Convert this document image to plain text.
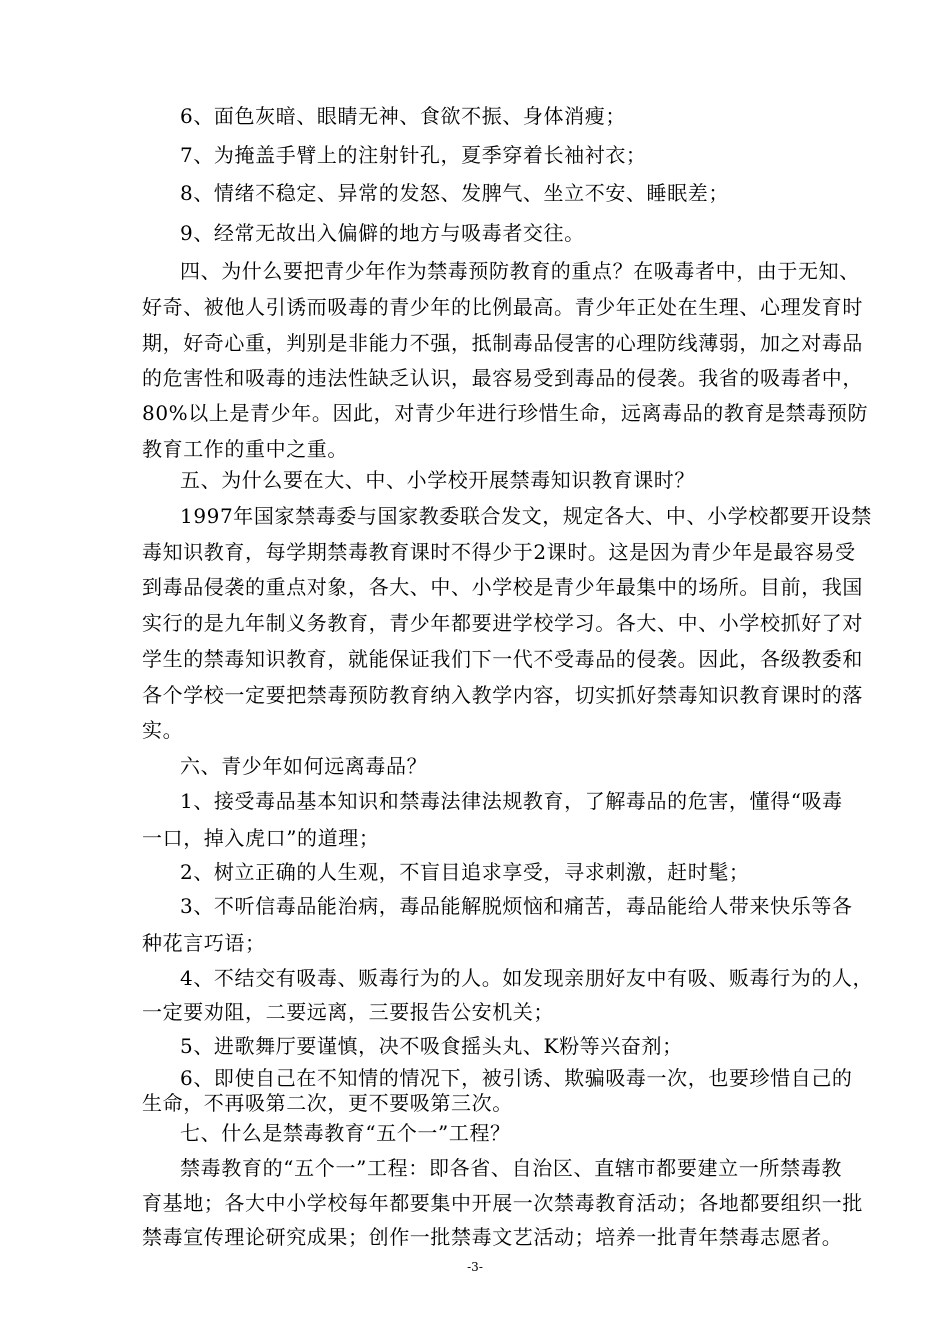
6、面色灰暗、眼睛无神、食欲不振、身体消瘦；
7、为掩盖手臂上的注射针孔，夏季穿着长袖衬衣；
8、情绪不稳定、异常的发怒、发脾气、坐立不安、睡眠差；
9、经常无故出入偏僻的地方与吸毒者交往。
四、为什么要把青少年作为禁毒预防教育的重点？在吸毒者中，由于无知、
好奇、被他人引诱而吸毒的青少年的比例最高。青少年正处在生理、心理发育时
期，好奇心重，判别是非能力不强，抵制毒品侵害的心理防线薄弱，加之对毒品
的危害性和吸毒的违法性缺乏认识，最容易受到毒品的侵袭。我省的吸毒者中，
80%以上是青少年。因此，对青少年进行珍惜生命，远离毒品的教育是禁毒预防
教育工作的重中之重。
五、为什么要在大、中、小学校开展禁毒知识教育课时？
1997年国家禁毒委与国家教委联合发文，规定各大、中、小学校都要开设禁
毒知识教育，每学期禁毒教育课时不得少于2课时。这是因为青少年是最容易受
到毒品侵袭的重点对象，各大、中、小学校是青少年最集中的场所。目前，我国
实行的是九年制义务教育，青少年都要进学校学习。各大、中、小学校抓好了对
学生的禁毒知识教育，就能保证我们下一代不受毒品的侵袭。因此，各级教委和
各个学校一定要把禁毒预防教育纳入教学内容，切实抓好禁毒知识教育课时的落
实。
六、青少年如何远离毒品？
1、接受毒品基本知识和禁毒法律法规教育，了解毒品的危害，懂得“吸毒
一口，掉入虎口”的道理；
2、树立正确的人生观，不盲目追求享受，寻求刺激，赶时髦；
3、不听信毒品能治病，毒品能解脱烦恼和痛苦，毒品能给人带来快乐等各
种花言巧语；
4、不结交有吸毒、贩毒行为的人。如发现亲朋好友中有吸、贩毒行为的人，
一定要劝阻，二要远离，三要报告公安机关；
5、进歌舞厅要谨慎，决不吸食摇头丸、K粉等兴奋剂；
6、即使自己在不知情的情况下，被引诱、欺骗吸毒一次，也要珍惜自己的
生命，不再吸第二次，更不要吸第三次。
七、什么是禁毒教育“五个一”工程？
禁毒教育的“五个一”工程：即各省、自治区、直辖市都要建立一所禁毒教
育基地；各大中小学校每年都要集中开展一次禁毒教育活动；各地都要组织一批
禁毒宣传理论研究成果；创作一批禁毒文艺活动；培养一批青年禁毒志愿者。
-3-
